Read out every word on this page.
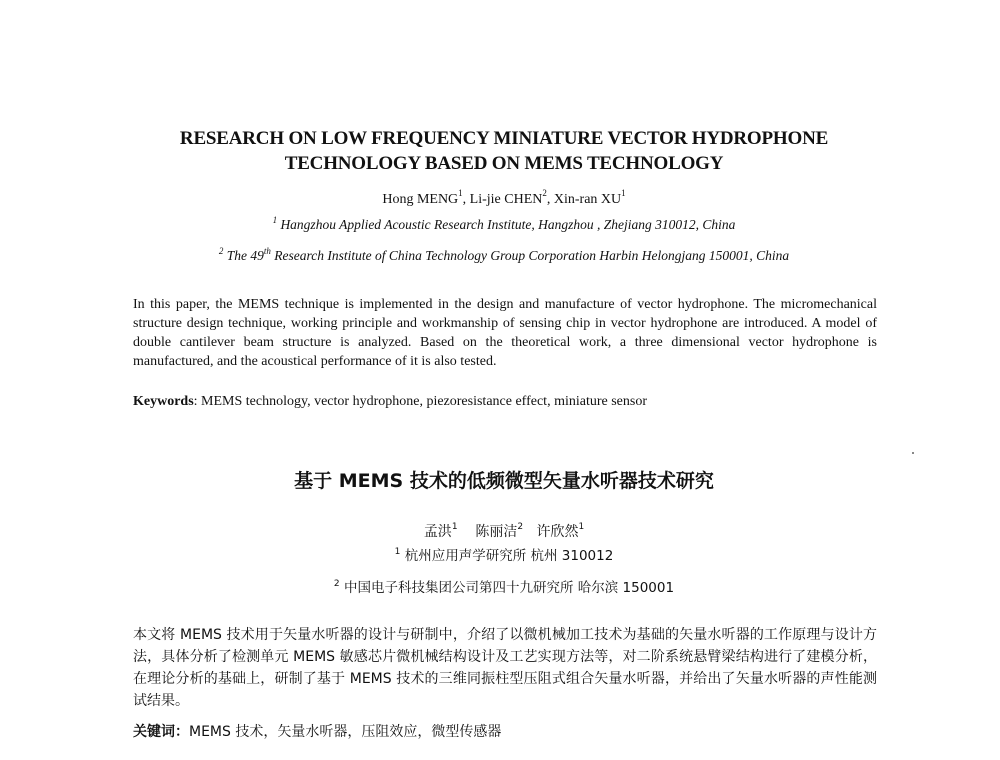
RESEARCH ON LOW FREQUENCY MINIATURE VECTOR HYDROPHONE
TECHNOLOGY BASED ON MEMS TECHNOLOGY
Hong MENG$^1$, Li-jie CHEN$^2$, Xin-ran $XU^1$
$^1$ Hangzhou Applied Acoustic Research Institute, Hangzhou , Zhejiang 310012, China
$^2$ The 49th Research Institute of China Technology Group Corporation Harbin Helongjang 150001, China
In this paper, the MEMS technique is implemented in the design and manufacture of vector hydrophone. The micromechanical structure design technique, working principle and workmanship of sensing chip in vector hydrophone are introduced. A model of double cantilever beam structure is analyzed. Based on the theoretical work, a three dimensional vector hydrophone is manufactured, and the acoustical performance of it is also tested.
Keywords: MEMS technology, vector hydrophone, piezoresistance effect, miniature sensor
基于 MEMS 技术的低频微型矢量水听器技术研究
孟洪$^1$ 陈丽洁$^2$ 许欣然$^1$
$^1$ 杭州应用声学研究所 杭州 310012
$^2$ 中国电子科技集团公司第四十九研究所 哈尔滨 150001
本文将 MEMS 技术用于矢量水听器的设计与研制中，介绍了以微机械加工技术为基础的矢量水听器的工作原理与设计方法，具体分析了检测单元 MEMS 敏感芯片微机械结构设计及工艺实现方法等，对二阶系统悬臂梁结构进行了建模分析，在理论分析的基础上，研制了基于 MEMS 技术的三维同振柱型压阻式组合矢量水听器，并给出了矢量水听器的声性能测试结果。
关键词：MEMS 技术，矢量水听器，压阻效应，微型传感器
